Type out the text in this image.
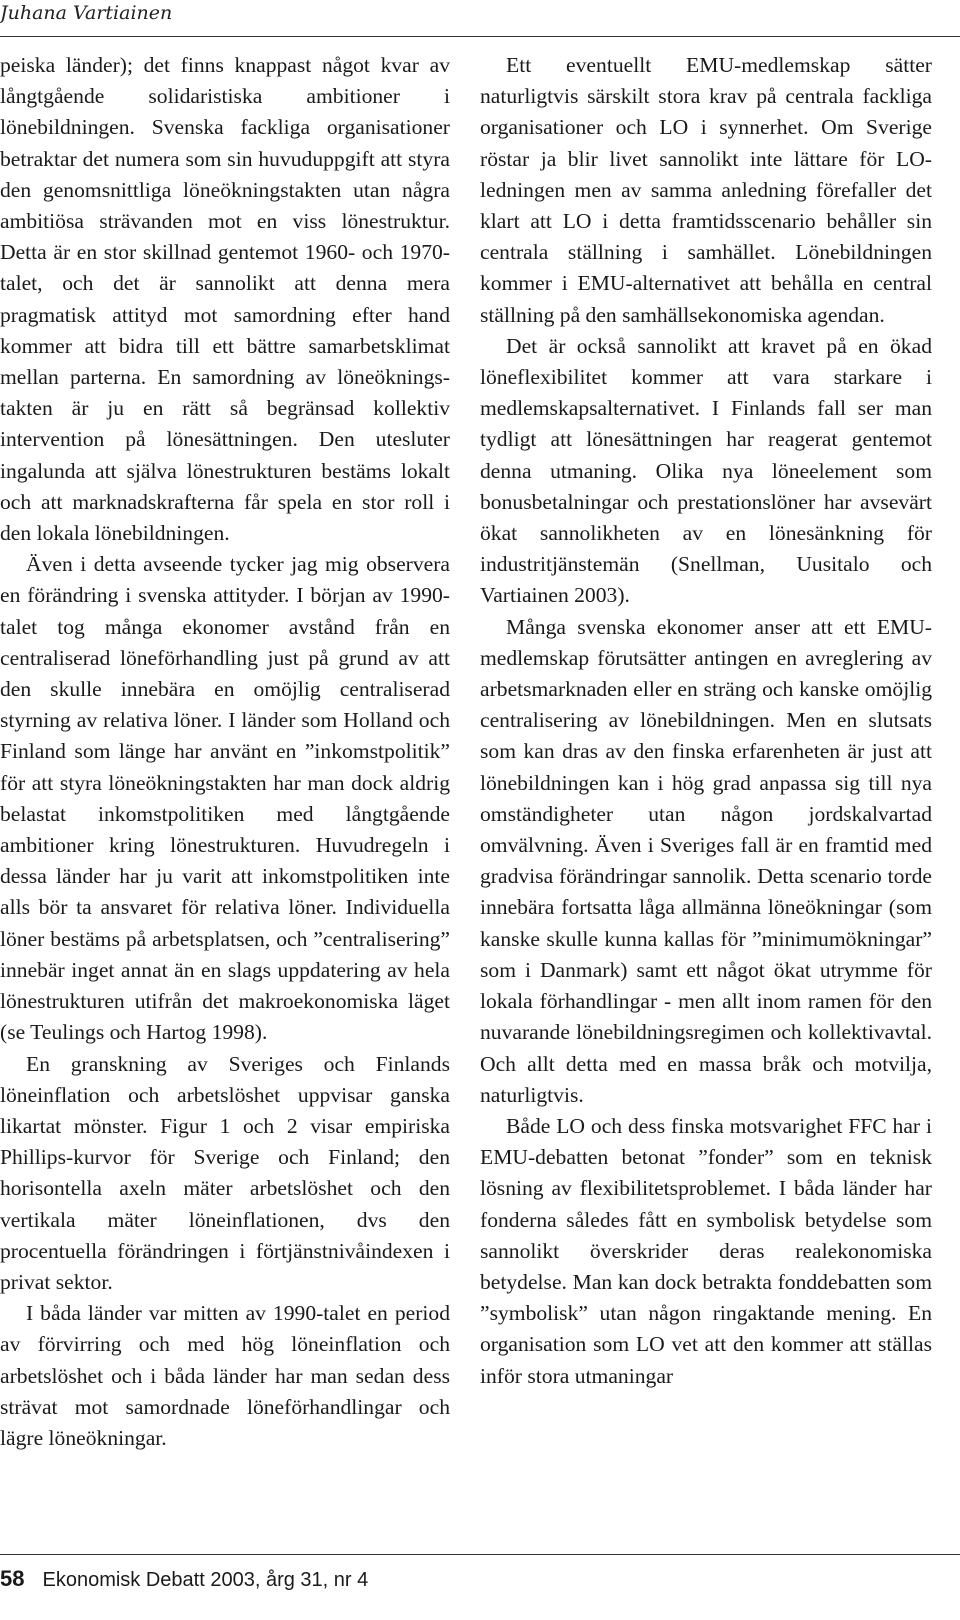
Juhana Vartiainen

peiska länder); det finns knappast något kvar av långtgående solidaristiska ambitioner i lönebildningen. Svenska fackliga organisationer betraktar det numera som sin huvuduppgift att styra den genomsnittliga löneökningstakten utan några ambitiösa strävanden mot en viss lönestruktur. Detta är en stor skillnad gentemot 1960- och 1970-talet, och det är sannolikt att denna mera pragmatisk attityd mot samordning efter hand kommer att bidra till ett bättre samarbetsklimat mellan parterna. En samordning av löneökningstakten är ju en rätt så begränsad kollektiv intervention på lönesättningen. Den utesluter ingalunda att själva lönestrukturen bestäms lokalt och att marknadskrafterna får spela en stor roll i den lokala lönebildningen.

Även i detta avseende tycker jag mig observera en förändring i svenska attityder. I början av 1990-talet tog många ekonomer avstånd från en centraliserad löneförhandling just på grund av att den skulle innebära en omöjlig centraliserad styrning av relativa löner. I länder som Holland och Finland som länge har använt en ”inkomstpolitik” för att styra löneökningstakten har man dock aldrig belastat inkomstpolitiken med långtgående ambitioner kring lönestrukturen. Huvudregeln i dessa länder har ju varit att inkomstpolitiken inte alls bör ta ansvaret för relativa löner. Individuella löner bestäms på arbetsplatsen, och ”centralisering” innebär inget annat än en slags uppdatering av hela lönestrukturen utifrån det makroekonomiska läget (se Teulings och Hartog 1998).

En granskning av Sveriges och Finlands löneinflation och arbetslöshet uppvisar ganska likartat mönster. Figur 1 och 2 visar empiriska Phillips-kurvor för Sverige och Finland; den horisontella axeln mäter arbetslöshet och den vertikala mäter löneinflationen, dvs den procentuella förändringen i förtjänstnivåindexen i privat sektor.

I båda länder var mitten av 1990-talet en period av förvirring och med hög löneinflation och arbetslöshet och i båda länder har man sedan dess strävat mot samordnade löneförhandlingar och lägre löneökningar.

Ett eventuellt EMU-medlemskap sätter naturligtvis särskilt stora krav på centrala fackliga organisationer och LO i synnerhet. Om Sverige röstar ja blir livet sannolikt inte lättare för LO-ledningen men av samma anledning förefaller det klart att LO i detta framtidsscenario behåller sin centrala ställning i samhället. Lönebildningen kommer i EMU-alternativet att behålla en central ställning på den samhällsekonomiska agendan.

Det är också sannolikt att kravet på en ökad löneflexibilitet kommer att vara starkare i medlemskapsalternativet. I Finlands fall ser man tydligt att lönesättningen har reagerat gentemot denna utmaning. Olika nya löneelement som bonusbetalningar och prestationslöner har avsevärt ökat sannolikheten av en lönesänkning för industritjänstemän (Snellman, Uusitalo och Vartiainen 2003).

Många svenska ekonomer anser att ett EMU-medlemskap förutsätter antingen en avreglering av arbetsmarknaden eller en sträng och kanske omöjlig centralisering av lönebildningen. Men en slutsats som kan dras av den finska erfarenheten är just att lönebildningen kan i hög grad anpassa sig till nya omständigheter utan någon jordskalvartad omvälvning. Även i Sveriges fall är en framtid med gradvisa förändringar sannolik. Detta scenario torde innebära fortsatta låga allmänna löneökningar (som kanske skulle kunna kallas för ”minimumökningar” som i Danmark) samt ett något ökat utrymme för lokala förhandlingar - men allt inom ramen för den nuvarande lönebildningsregimen och kollektivavtal. Och allt detta med en massa bråk och motvilja, naturligtvis.

Både LO och dess finska motsvarighet FFC har i EMU-debatten betonat ”fonder” som en teknisk lösning av flexibilitetsproblemet. I båda länder har fonderna således fått en symbolisk betydelse som sannolikt överskrider deras realekonomiska betydelse. Man kan dock betrakta fonddebatten som ”symbolisk” utan någon ringaktande mening. En organisation som LO vet att den kommer att ställas inför stora utmaningar

58 Ekonomisk Debatt 2003, årg 31, nr 4
